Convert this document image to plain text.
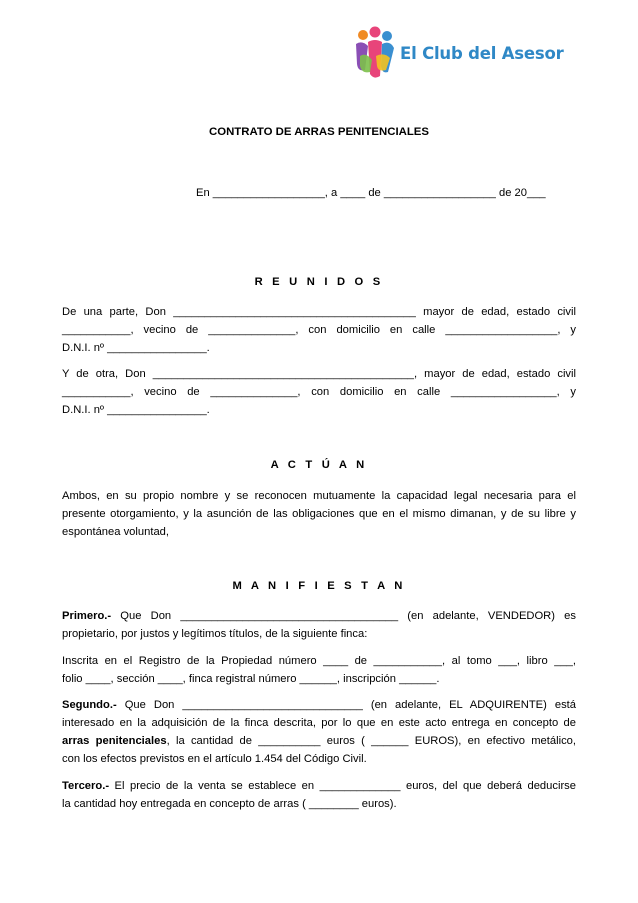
El Club del Asesor
CONTRATO DE ARRAS PENITENCIALES
En __________________, a ____ de __________________ de 20___
R E U N I D O S
De una parte, Don _______________________________________ mayor de edad, estado civil
___________, vecino de ______________, con domicilio en calle __________________, y
D.N.I. nº ________________.
Y de otra, Don __________________________________________, mayor de edad, estado civil
___________, vecino de ______________, con domicilio en calle _________________, y
D.N.I. nº ________________.
A C T Ú A N
Ambos, en su propio nombre y se reconocen mutuamente la capacidad legal necesaria para el
presente otorgamiento, y la asunción de las obligaciones que en el mismo dimanan, y de su libre y
espontánea voluntad,
M A N I F I E S T A N
Primero.- Que Don ___________________________________ (en adelante, VENDEDOR) es
propietario, por justos y legítimos títulos, de la siguiente finca:
Inscrita en el Registro de la Propiedad número ____ de ___________, al tomo ___, libro ___,
folio ____, sección ____, finca registral número ______, inscripción ______.
Segundo.- Que Don _____________________________ (en adelante, EL ADQUIRENTE) está
interesado en la adquisición de la finca descrita, por lo que en este acto entrega en concepto de
arras penitenciales, la cantidad de __________ euros ( ______ EUROS), en efectivo metálico,
con los efectos previstos en el artículo 1.454 del Código Civil.
Tercero.- El precio de la venta se establece en _____________ euros, del que deberá deducirse
la cantidad hoy entregada en concepto de arras ( ________ euros).
